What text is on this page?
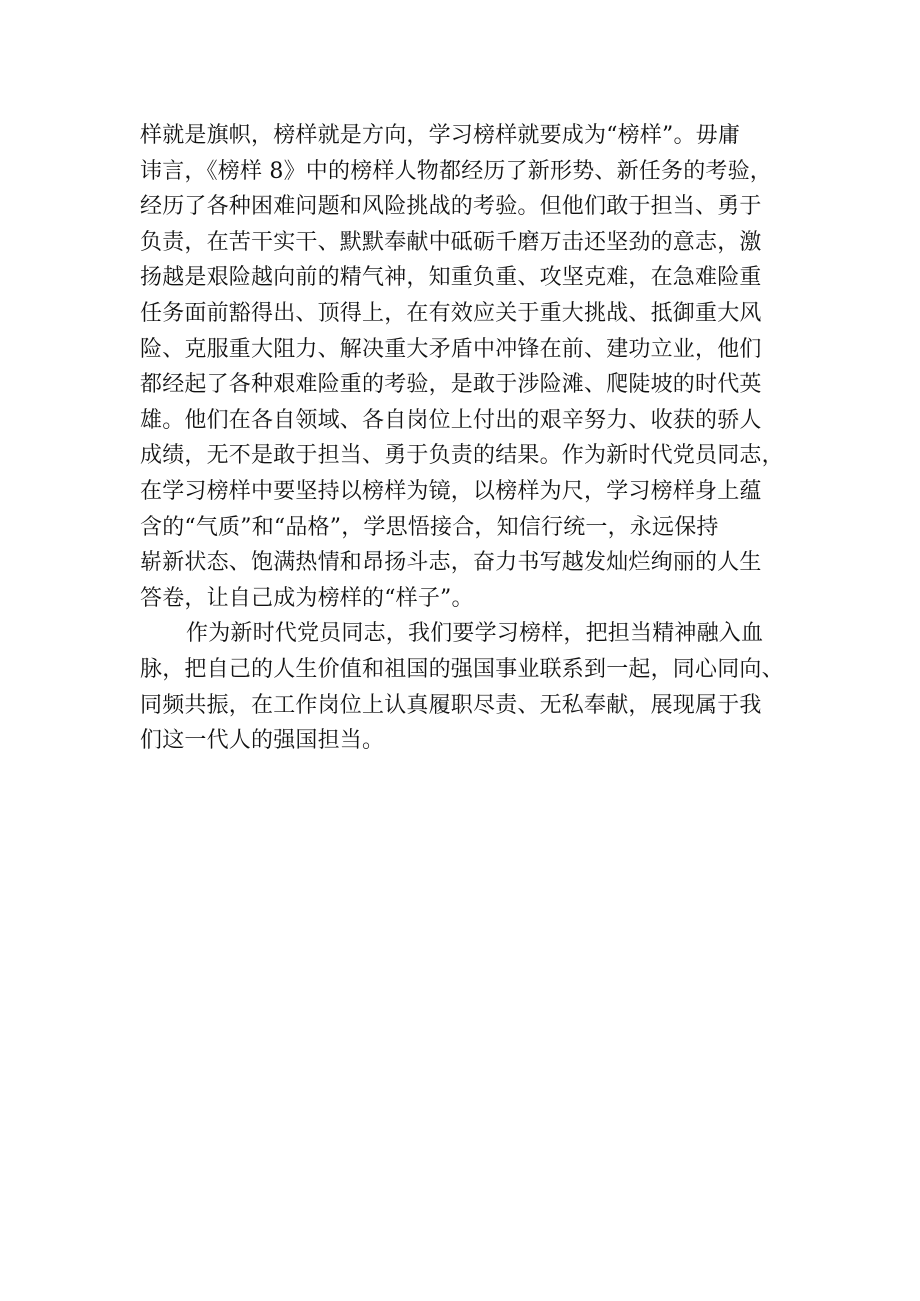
样就是旗帜，榜样就是方向，学习榜样就要成为“榜样”。毋庸
讳言，《榜样 8》中的榜样人物都经历了新形势、新任务的考验，
经历了各种困难问题和风险挑战的考验。但他们敢于担当、勇于
负责，在苦干实干、默默奉献中砥砺千磨万击还坚劲的意志，激
扬越是艰险越向前的精气神，知重负重、攻坚克难，在急难险重
任务面前豁得出、顶得上，在有效应关于重大挑战、抵御重大风
险、克服重大阻力、解决重大矛盾中冲锋在前、建功立业，他们
都经起了各种艰难险重的考验，是敢于涉险滩、爬陡坡的时代英
雄。他们在各自领域、各自岗位上付出的艰辛努力、收获的骄人
成绩，无不是敢于担当、勇于负责的结果。作为新时代党员同志，
在学习榜样中要坚持以榜样为镜，以榜样为尺，学习榜样身上蕴
含的“气质”和“品格”，学思悟接合，知信行统一，永远保持
崭新状态、饱满热情和昂扬斗志，奋力书写越发灿烂绚丽的人生
答卷，让自己成为榜样的“样子”。
作为新时代党员同志，我们要学习榜样，把担当精神融入血
脉，把自己的人生价值和祖国的强国事业联系到一起，同心同向、
同频共振，在工作岗位上认真履职尽责、无私奉献，展现属于我
们这一代人的强国担当。
